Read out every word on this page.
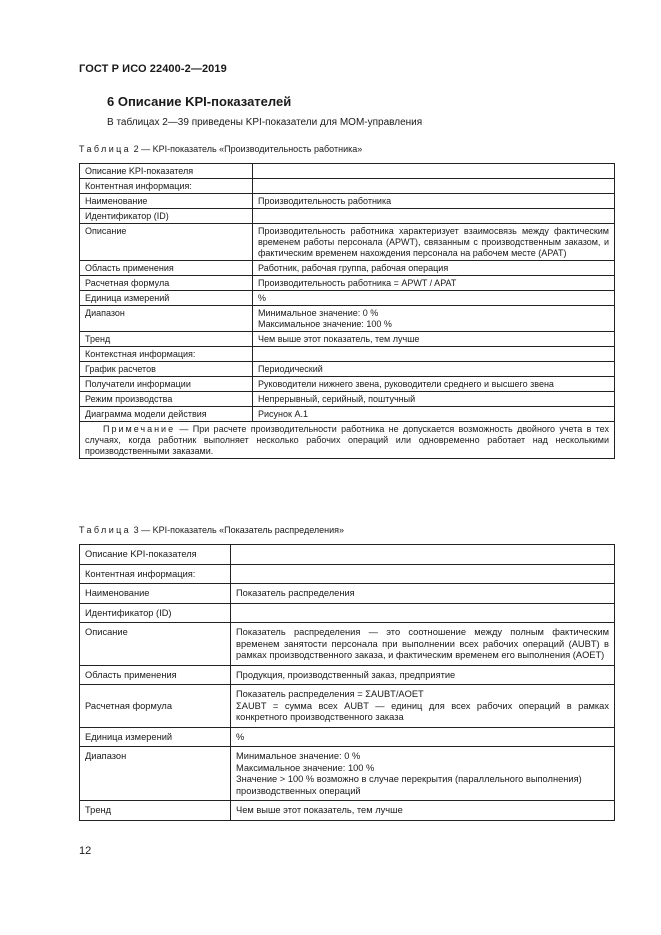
ГОСТ Р ИСО 22400-2—2019
6 Описание KPI-показателей
В таблицах 2—39 приведены KPI-показатели для МОМ-управления
Таблица 2 — KPI-показатель «Производительность работника»
Описание KPI-показателя	
Контентная информация:	
Наименование	Производительность работника
Идентификатор (ID)	
Описание	Производительность работника характеризует взаимосвязь между фактическим временем работы персонала (APWT), связанным с производственным заказом, и фактическим временем нахождения персонала на рабочем месте (APAT)
Область применения	Работник, рабочая группа, рабочая операция
Расчетная формула	Производительность работника = APWT / APAT
Единица измерений	%
Диапазон	Минимальное значение: 0 %
Максимальное значение: 100 %

Тренд	Чем выше этот показатель, тем лучше
Контекстная информация:	
График расчетов	Периодический
Получатели информации	Руководители нижнего звена, руководители среднего и высшего звена
Режим производства	Непрерывный, серийный, поштучный
Диаграмма модели действия	Рисунок А.1
Примечание — При расчете производительности работника не допускается возможность двойного учета в тех случаях, когда работник выполняет несколько рабочих операций или одновременно работает над несколькими производственными заказами.	
Таблица 3 — KPI-показатель «Показатель распределения»
Описание KPI-показателя	
Контентная информация:	
Наименование	Показатель распределения
Идентификатор (ID)	
Описание	Показатель распределения — это соотношение между полным фактическим временем занятости персонала при выполнении всех рабочих операций (AUBT) в рамках производственного заказа, и фактическим временем его выполнения (AOET)
Область применения	Продукция, производственный заказ, предприятие
Расчетная формула	Показатель распределения = ΣAUBT/AOET
ΣAUBT = сумма всех AUBT — единиц для всех рабочих операций в рамках конкретного производственного заказа

Единица измерений	%
Диапазон	Минимальное значение: 0 %
Максимальное значение: 100 %
Значение > 100 % возможно в случае перекрытия (параллельного выполнения) производственных операций

Тренд	Чем выше этот показатель, тем лучше
12
